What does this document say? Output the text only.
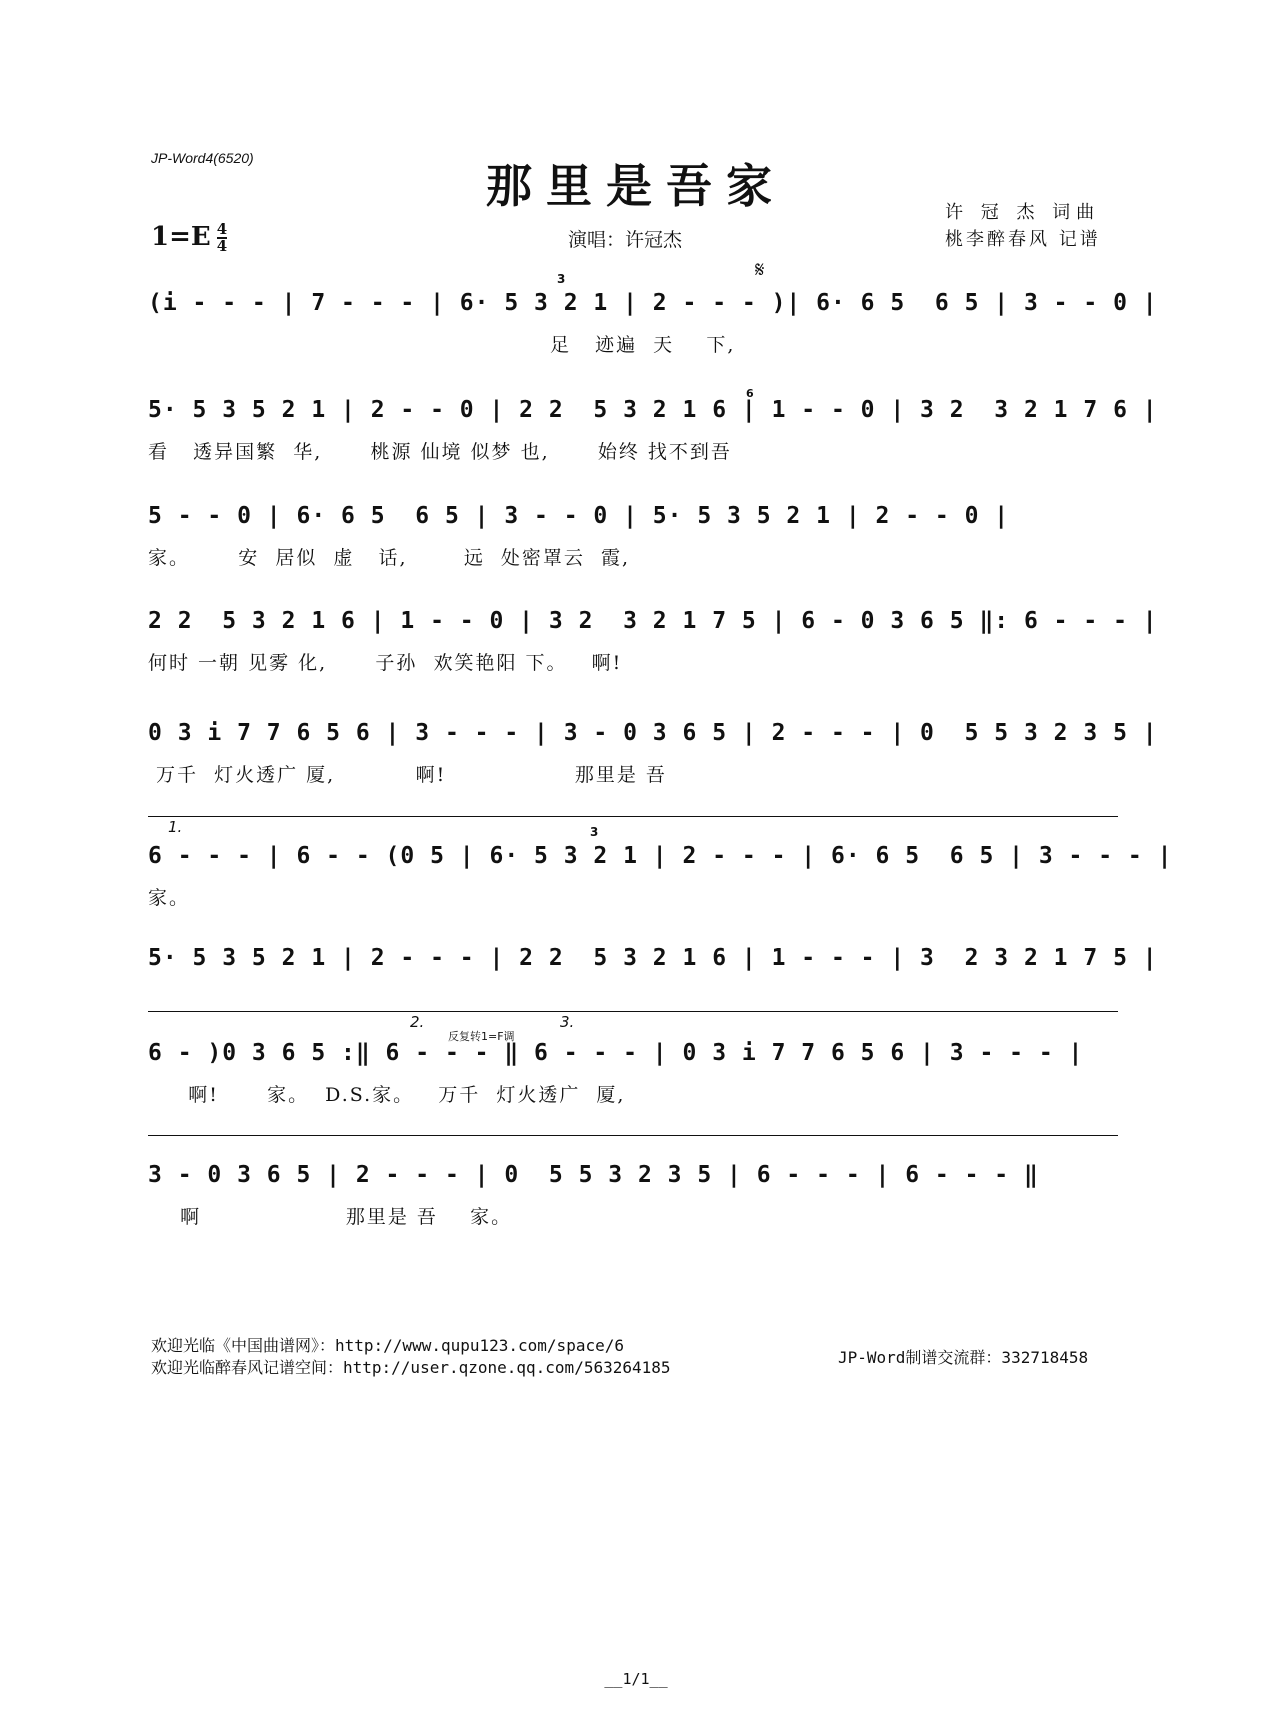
JP-Word4(6520)
那里是吾家
$1=E \frac{4}{4}$	演唱：许冠杰
许 冠 杰 词曲
桃李醉春风 记谱
𝄋
(i - - - | 7 - - - | 6· 5 3 2 1 | 2 - - - )| 6· 6 5  6 5 | 3 - - 0 |
足   迹遍  天    下,
3
5· 5 3 5 2 1 | 2 - - 0 | 2 2  5 3 2 1 6 | 1 - - 0 | 3 2  3 2 1 7 6 |
看   透异国繁  华,      桃源 仙境 似梦 也,      始终 找不到吾
6
5 - - 0 | 6· 6 5  6 5 | 3 - - 0 | 5· 5 3 5 2 1 | 2 - - 0 |
家。      安  居似  虚   话,       远  处密罩云  霞,
2 2  5 3 2 1 6 | 1 - - 0 | 3 2  3 2 1 7 5 | 6 - 0 3 6 5 ‖: 6 - - - |
何时 一朝 见雾 化,      子孙  欢笑艳阳 下。   啊!
0 3 i 7 7 6 5 6 | 3 - - - | 3 - 0 3 6 5 | 2 - - - | 0  5 5 3 2 3 5 |
万千  灯火透广 厦,          啊!                那里是 吾
1.
6 - - - | 6 - - (0 5 | 6· 5 3 2 1 | 2 - - - | 6· 6 5  6 5 | 3 - - - |
家。
3
5· 5 3 5 2 1 | 2 - - - | 2 2  5 3 2 1 6 | 1 - - - | 3  2 3 2 1 7 5 |
2.
反复转1=F调
3.
6 - )0 3 6 5 :‖ 6 - - - ‖ 6 - - - | 0 3 i 7 7 6 5 6 | 3 - - - |
啊!      家。  D.S.家。   万千  灯火透广  厦,
3 - 0 3 6 5 | 2 - - - | 0  5 5 3 2 3 5 | 6 - - - | 6 - - - ‖
啊                  那里是 吾    家。
欢迎光临《中国曲谱网》：http://www.qupu123.com/space/6
欢迎光临醉春风记谱空间：http://user.qzone.qq.com/563264185
JP-Word制谱交流群：332718458
__1/1__
